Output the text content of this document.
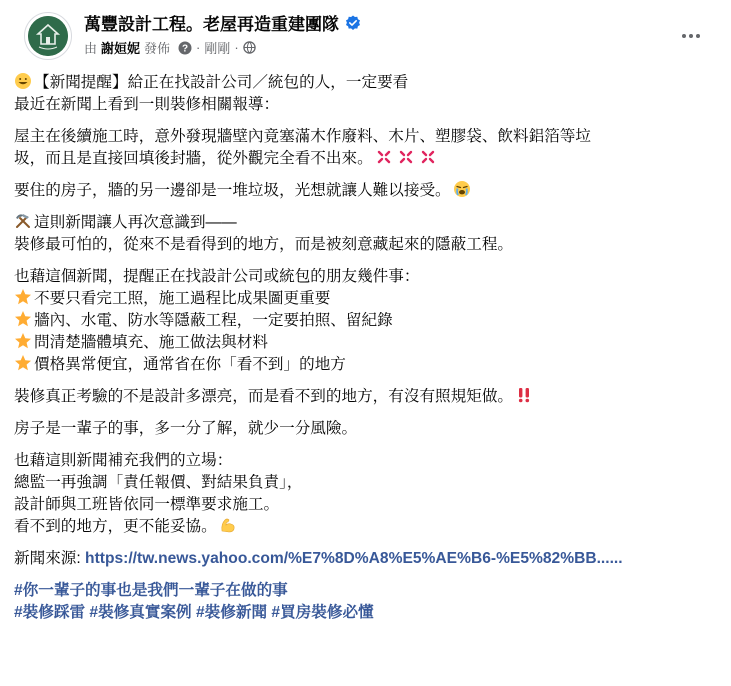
萬豐設計工程。老屋再造重建團隊
由 謝姮妮 發佈 ? · 剛剛 ·
【新聞提醒】給正在找設計公司／統包的人，一定要看
最近在新聞上看到一則裝修相關報導：
屋主在後續施工時，意外發現牆壁內竟塞滿木作廢料、木片、塑膠袋、飲料鋁箔等垃
圾，而且是直接回填後封牆，從外觀完全看不出來。
要住的房子，牆的另一邊卻是一堆垃圾，光想就讓人難以接受。
這則新聞讓人再次意識到——
裝修最可怕的，從來不是看得到的地方，而是被刻意藏起來的隱蔽工程。
也藉這個新聞，提醒正在找設計公司或統包的朋友幾件事：
不要只看完工照，施工過程比成果圖更重要
牆內、水電、防水等隱蔽工程，一定要拍照、留紀錄
問清楚牆體填充、施工做法與材料
價格異常便宜，通常省在你「看不到」的地方
裝修真正考驗的不是設計多漂亮，而是看不到的地方，有沒有照規矩做。
房子是一輩子的事，多一分了解，就少一分風險。
也藉這則新聞補充我們的立場：
總監一再強調「責任報價、對結果負責」，
設計師與工班皆依同一標準要求施工。
看不到的地方，更不能妥協。
新聞來源: https://tw.news.yahoo.com/%E7%8D%A8%E5%AE%B6-%E5%82%BB......
#你一輩子的事也是我們一輩子在做的事
#裝修踩雷 #裝修真實案例 #裝修新聞 #買房裝修必懂
